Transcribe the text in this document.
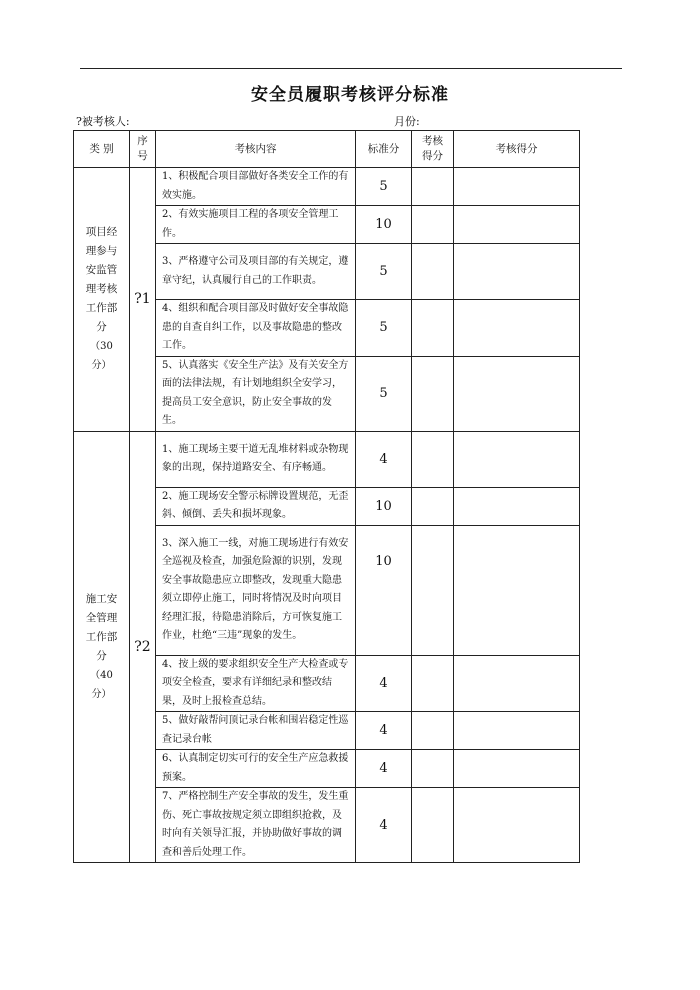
安全员履职考核评分标准
?被考核人:	月份:
类 别	序号	考核内容	标准分	考核得分	考核得分
项目经理参与安监管理考核工作部分
（30分）	?1	1、积极配合项目部做好各类安全工作的有效实施。	5		
		2、有效实施项目工程的各项安全管理工作。	10		
		3、严格遵守公司及项目部的有关规定，遵章守纪，认真履行自己的工作职责。	5		
		4、组织和配合项目部及时做好安全事故隐患的自查自纠工作，以及事故隐患的整改工作。	5		
		5、认真落实《安全生产法》及有关安全方面的法律法规，有计划地组织全安学习，提高员工安全意识，防止安全事故的发生。	5		
施工安全管理工作部分
（40分）	?2	1、施工现场主要干道无乱堆材料或杂物现象的出现，保持道路安全、有序畅通。	4		
		2、施工现场安全警示标牌设置规范，无歪斜、倾倒、丢失和损坏现象。	10		
		3、深入施工一线，对施工现场进行有效安全巡视及检查，加强危险源的识别，发现安全事故隐患应立即整改，发现重大隐患须立即停止施工，同时将情况及时向项目经理汇报，待隐患消除后，方可恢复施工作业，杜绝“三违”现象的发生。	10		
		4、按上级的要求组织安全生产大检查或专项安全检查，要求有详细纪录和整改结果，及时上报检查总结。	4		
		5、做好敲帮问顶记录台帐和围岩稳定性巡查记录台帐	4		
		6、认真制定切实可行的安全生产应急救援预案。	4		
		7、严格控制生产安全事故的发生，发生重伤、死亡事故按规定须立即组织抢救，及时向有关领导汇报，并协助做好事故的调查和善后处理工作。	4		
